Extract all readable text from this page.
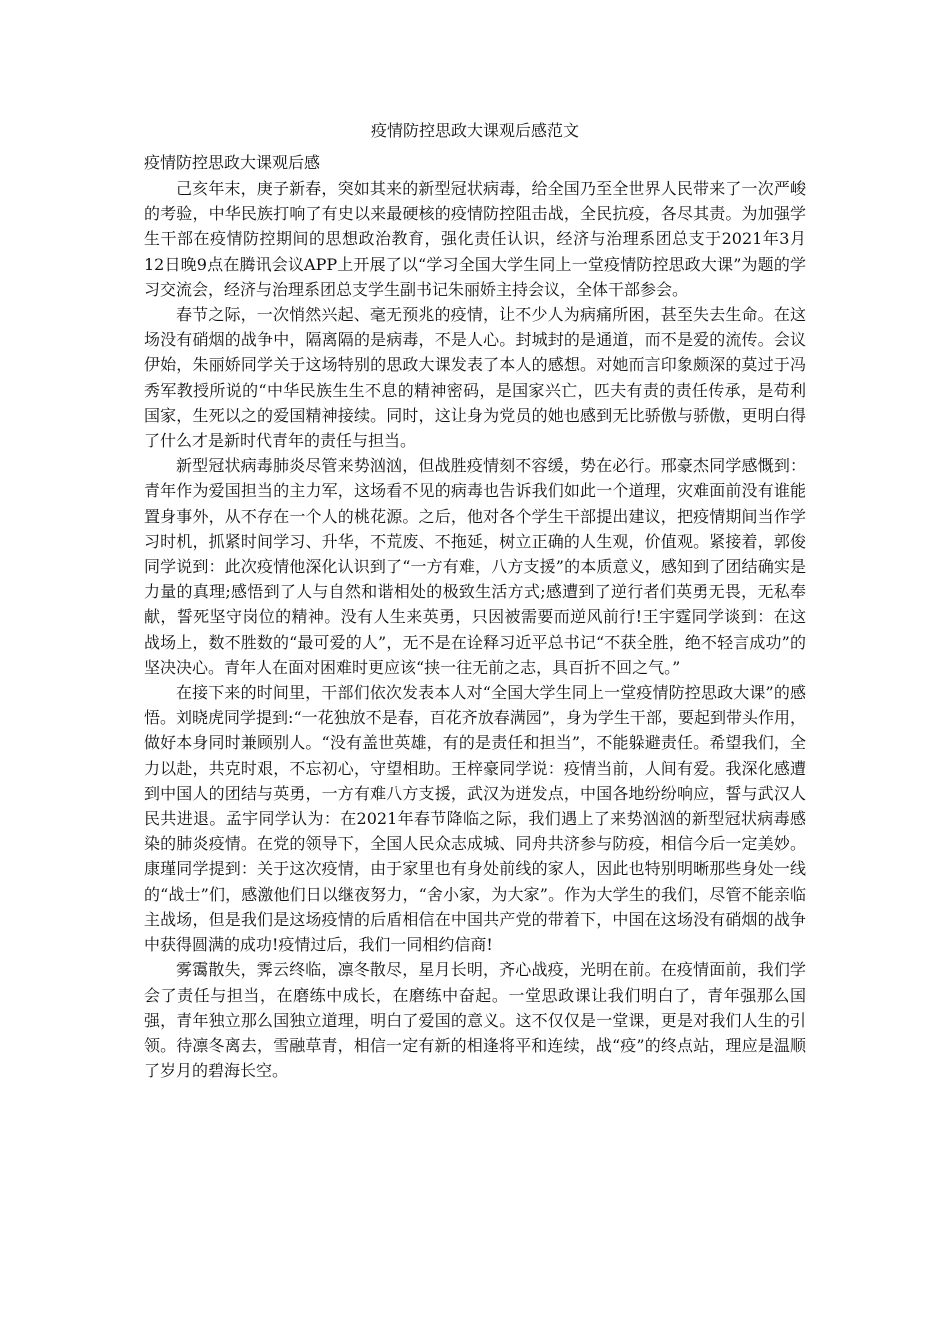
疫情防控思政大课观后感范文
疫情防控思政大课观后感

己亥年末，庚子新春，突如其来的新型冠状病毒，给全国乃至全世界人民带来了一次严峻的考验，中华民族打响了有史以来最硬核的疫情防控阻击战，全民抗疫，各尽其责。为加强学生干部在疫情防控期间的思想政治教育，强化责任认识，经济与治理系团总支于2021年3月12日晚9点在腾讯会议APP上开展了以“学习全国大学生同上一堂疫情防控思政大课”为题的学习交流会，经济与治理系团总支学生副书记朱丽娇主持会议，全体干部参会。

春节之际，一次悄然兴起、毫无预兆的疫情，让不少人为病痛所困，甚至失去生命。在这场没有硝烟的战争中，隔离隔的是病毒，不是人心。封城封的是通道，而不是爱的流传。会议伊始，朱丽娇同学关于这场特别的思政大课发表了本人的感想。对她而言印象颇深的莫过于冯秀军教授所说的“中华民族生生不息的精神密码，是国家兴亡，匹夫有责的责任传承，是苟利国家，生死以之的爱国精神接续。同时，这让身为党员的她也感到无比骄傲与骄傲，更明白得了什么才是新时代青年的责任与担当。

新型冠状病毒肺炎尽管来势汹汹，但战胜疫情刻不容缓，势在必行。邢豪杰同学感慨到：青年作为爱国担当的主力军，这场看不见的病毒也告诉我们如此一个道理，灾难面前没有谁能置身事外，从不存在一个人的桃花源。之后，他对各个学生干部提出建议，把疫情期间当作学习时机，抓紧时间学习、升华，不荒废、不拖延，树立正确的人生观，价值观。紧接着，郭俊同学说到：此次疫情他深化认识到了“一方有难，八方支援”的本质意义，感知到了团结确实是力量的真理;感悟到了人与自然和谐相处的极致生活方式;感遭到了逆行者们英勇无畏，无私奉献，誓死坚守岗位的精神。没有人生来英勇，只因被需要而逆风前行!王宇霆同学谈到：在这战场上，数不胜数的“最可爱的人”，无不是在诠释习近平总书记“不获全胜，绝不轻言成功”的坚决决心。青年人在面对困难时更应该“挟一往无前之志，具百折不回之气。”

在接下来的时间里，干部们依次发表本人对“全国大学生同上一堂疫情防控思政大课”的感悟。刘晓虎同学提到:“一花独放不是春，百花齐放春满园”，身为学生干部，要起到带头作用，做好本身同时兼顾别人。“没有盖世英雄，有的是责任和担当”，不能躲避责任。希望我们，全力以赴，共克时艰，不忘初心，守望相助。王梓豪同学说：疫情当前，人间有爱。我深化感遭到中国人的团结与英勇，一方有难八方支援，武汉为迸发点，中国各地纷纷响应，誓与武汉人民共进退。孟宇同学认为：在2021年春节降临之际，我们遇上了来势汹汹的新型冠状病毒感染的肺炎疫情。在党的领导下，全国人民众志成城、同舟共济参与防疫，相信今后一定美妙。康瑾同学提到：关于这次疫情，由于家里也有身处前线的家人，因此也特别明晰那些身处一线的“战士”们，感激他们日以继夜努力，“舍小家，为大家”。作为大学生的我们，尽管不能亲临主战场，但是我们是这场疫情的后盾相信在中国共产党的带着下，中国在这场没有硝烟的战争中获得圆满的成功!疫情过后，我们一同相约信商!

雾霭散失，霁云终临，凛冬散尽，星月长明，齐心战疫，光明在前。在疫情面前，我们学会了责任与担当，在磨练中成长，在磨练中奋起。一堂思政课让我们明白了，青年强那么国强，青年独立那么国独立道理，明白了爱国的意义。这不仅仅是一堂课，更是对我们人生的引领。待凛冬离去，雪融草青，相信一定有新的相逢将平和连续，战“疫”的终点站，理应是温顺了岁月的碧海长空。
